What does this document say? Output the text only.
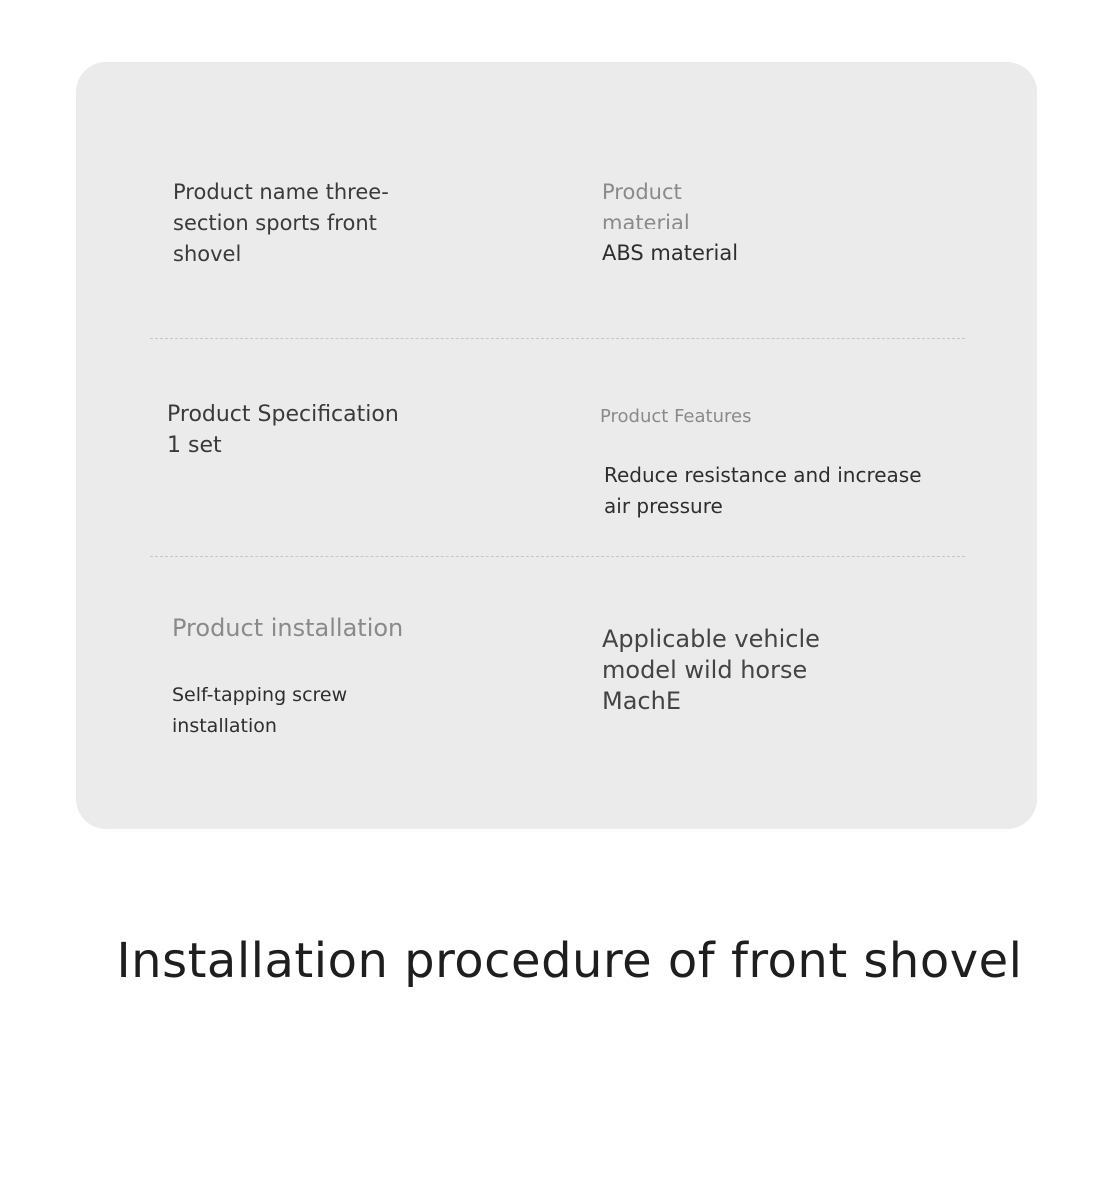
Product name three-section sports front shovel

Product material

ABS material

Product Specification 1 set

Product Features

Reduce resistance and increase air pressure

Product installation

Self-tapping screw installation

Applicable vehicle model wild horse MachE

Installation procedure of front shovel
